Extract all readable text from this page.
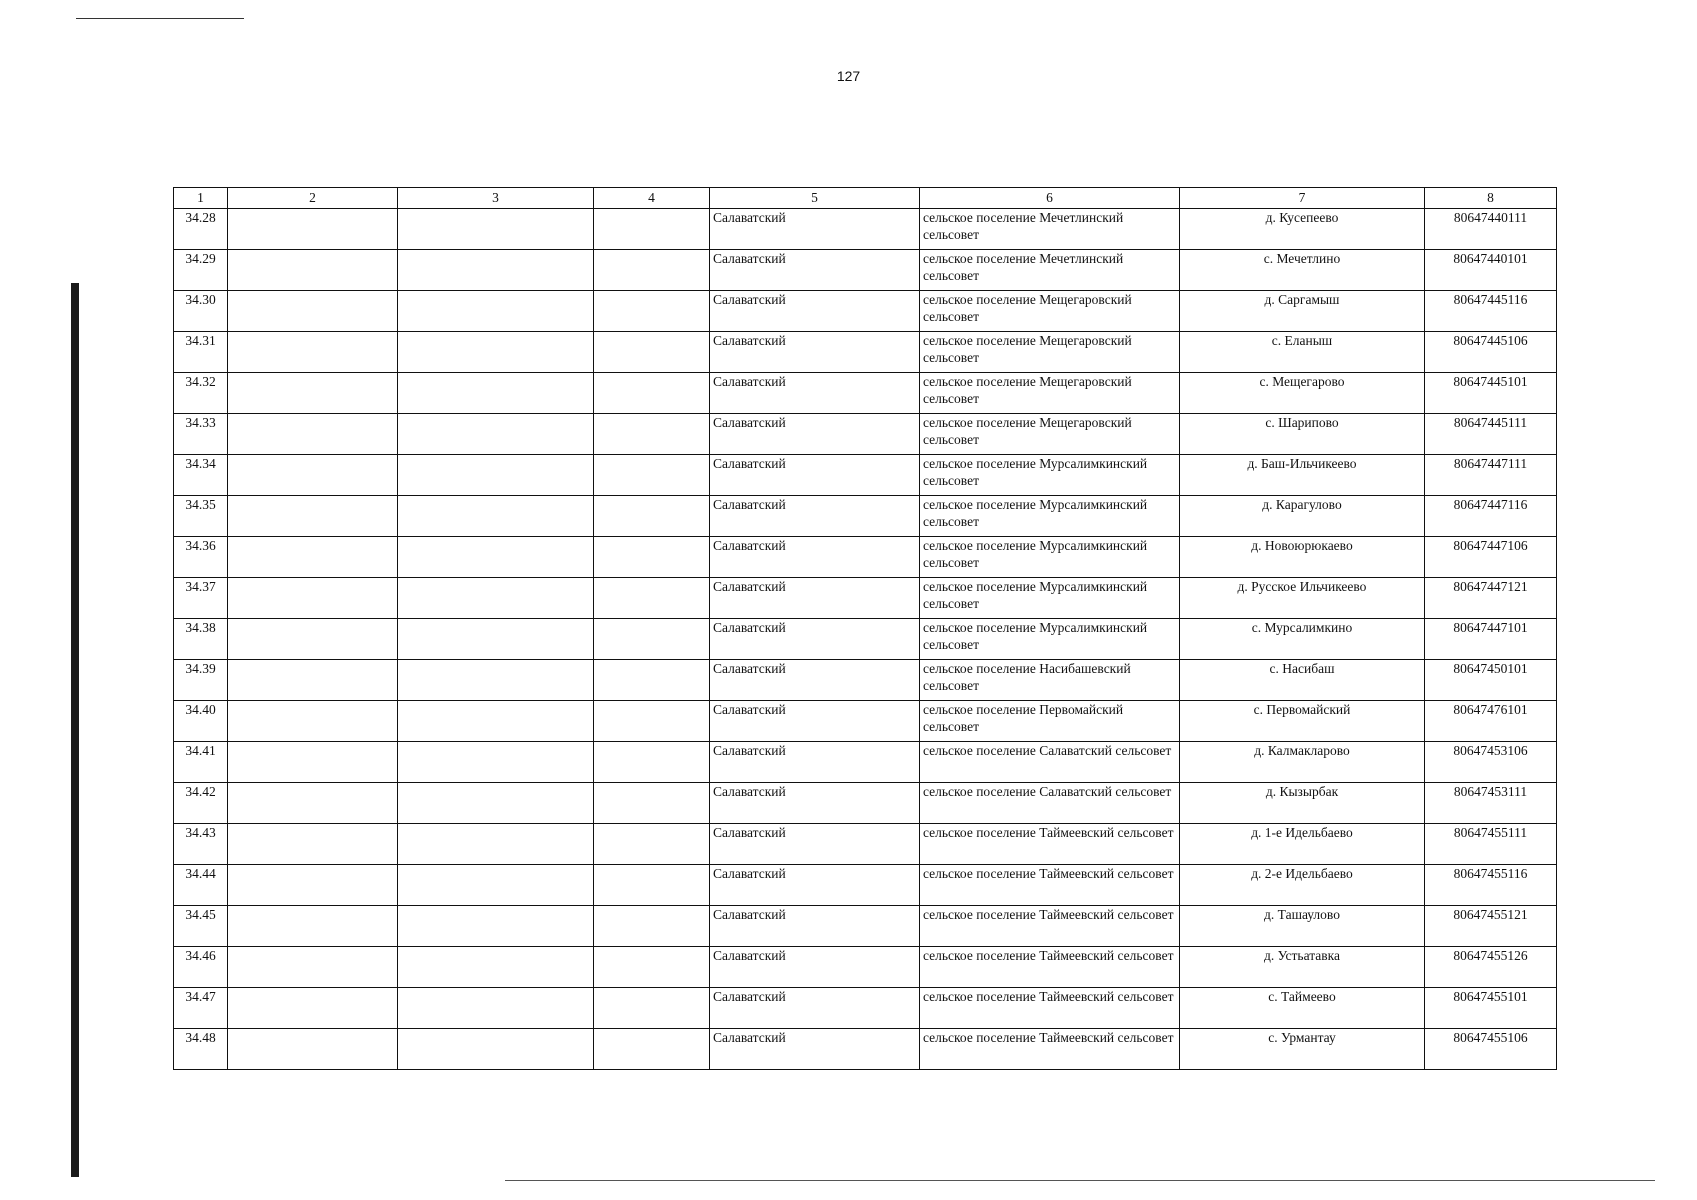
127
1	2	3	4	5	6	7	8
34.28				Салаватский	сельское поселение Мечетлинский сельсовет	д. Кусепеево	80647440111
34.29				Салаватский	сельское поселение Мечетлинский сельсовет	с. Мечетлино	80647440101
34.30				Салаватский	сельское поселение Мещегаровский сельсовет	д. Саргамыш	80647445116
34.31				Салаватский	сельское поселение Мещегаровский сельсовет	с. Еланыш	80647445106
34.32				Салаватский	сельское поселение Мещегаровский сельсовет	с. Мещегарово	80647445101
34.33				Салаватский	сельское поселение Мещегаровский сельсовет	с. Шарипово	80647445111
34.34				Салаватский	сельское поселение Мурсалимкинский сельсовет	д. Баш-Ильчикеево	80647447111
34.35				Салаватский	сельское поселение Мурсалимкинский сельсовет	д. Карагулово	80647447116
34.36				Салаватский	сельское поселение Мурсалимкинский сельсовет	д. Новоюрюкаево	80647447106
34.37				Салаватский	сельское поселение Мурсалимкинский сельсовет	д. Русское Ильчикеево	80647447121
34.38				Салаватский	сельское поселение Мурсалимкинский сельсовет	с. Мурсалимкино	80647447101
34.39				Салаватский	сельское поселение Насибашевский сельсовет	с. Насибаш	80647450101
34.40				Салаватский	сельское поселение Первомайский сельсовет	с. Первомайский	80647476101
34.41				Салаватский	сельское поселение Салаватский сельсовет	д. Калмакларово	80647453106
34.42				Салаватский	сельское поселение Салаватский сельсовет	д. Кызырбак	80647453111
34.43				Салаватский	сельское поселение Таймеевский сельсовет	д. 1-е Идельбаево	80647455111
34.44				Салаватский	сельское поселение Таймеевский сельсовет	д. 2-е Идельбаево	80647455116
34.45				Салаватский	сельское поселение Таймеевский сельсовет	д. Ташаулово	80647455121
34.46				Салаватский	сельское поселение Таймеевский сельсовет	д. Устьатавка	80647455126
34.47				Салаватский	сельское поселение Таймеевский сельсовет	с. Таймеево	80647455101
34.48				Салаватский	сельское поселение Таймеевский сельсовет	с. Урмантау	80647455106
